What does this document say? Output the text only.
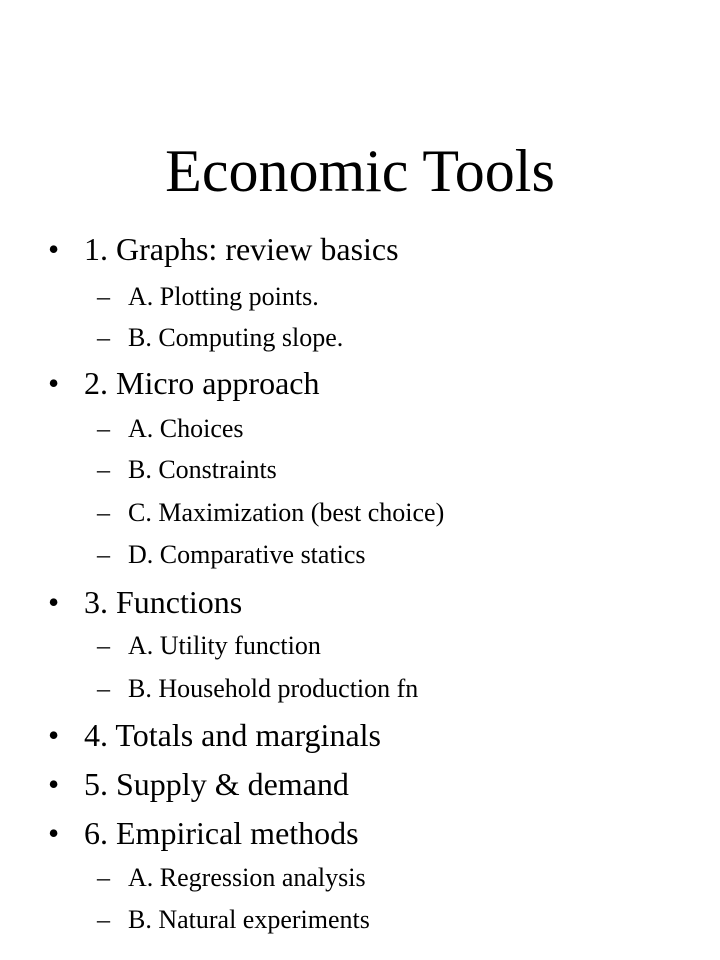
Economic Tools
• 1. Graphs: review basics
– A. Plotting points.
– B. Computing slope.
• 2. Micro approach
– A. Choices
– B. Constraints
– C. Maximization (best choice)
– D. Comparative statics
• 3. Functions
– A. Utility function
– B. Household production fn
• 4. Totals and marginals
• 5. Supply & demand
• 6. Empirical methods
– A. Regression analysis
– B. Natural experiments
